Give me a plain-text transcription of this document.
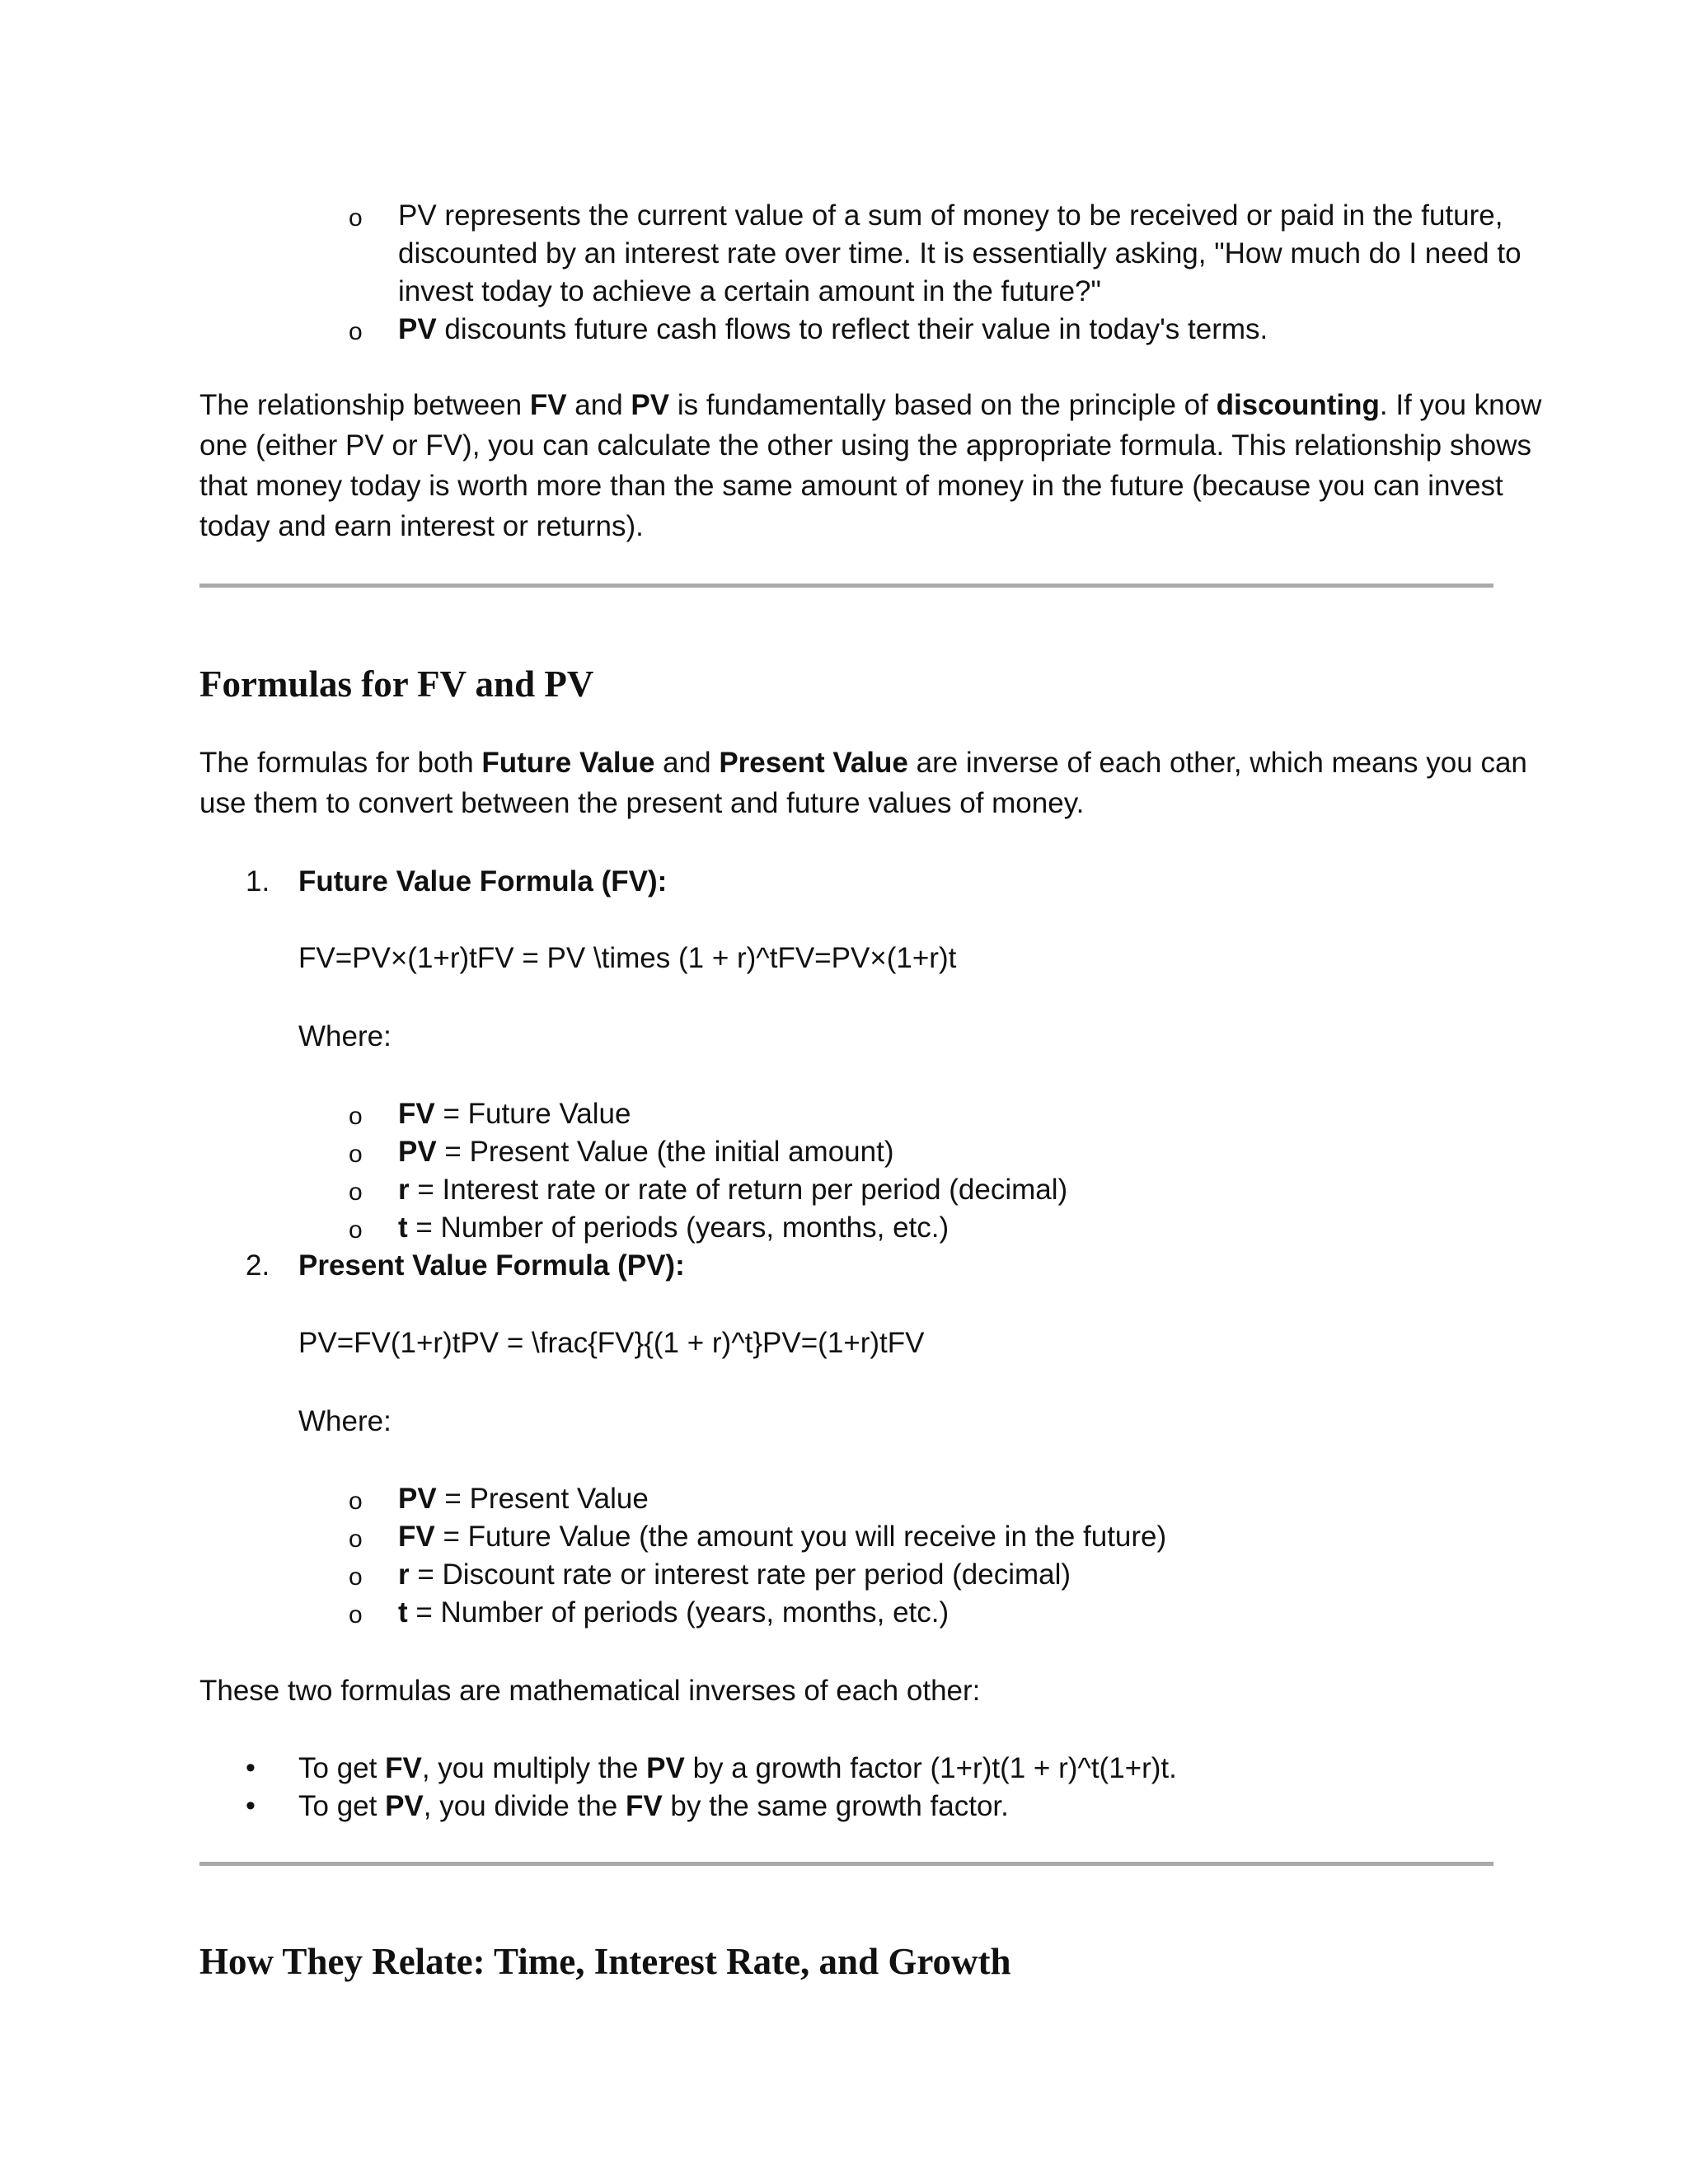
o PV represents the current value of a sum of money to be received or paid in the future,
discounted by an interest rate over time. It is essentially asking, "How much do I need to
invest today to achieve a certain amount in the future?"
o PV discounts future cash flows to reflect their value in today's terms.
The relationship between FV and PV is fundamentally based on the principle of discounting. If you know
one (either PV or FV), you can calculate the other using the appropriate formula. This relationship shows
that money today is worth more than the same amount of money in the future (because you can invest
today and earn interest or returns).
Formulas for FV and PV
The formulas for both Future Value and Present Value are inverse of each other, which means you can
use them to convert between the present and future values of money.
1. Future Value Formula (FV):
FV=PV×(1+r)tFV = PV \times (1 + r)^tFV=PV×(1+r)t
Where:
o FV = Future Value
o PV = Present Value (the initial amount)
o r = Interest rate or rate of return per period (decimal)
o t = Number of periods (years, months, etc.)
2. Present Value Formula (PV):
PV=FV(1+r)tPV = \frac{FV}{(1 + r)^t}PV=(1+r)tFV
Where:
o PV = Present Value
o FV = Future Value (the amount you will receive in the future)
o r = Discount rate or interest rate per period (decimal)
o t = Number of periods (years, months, etc.)
These two formulas are mathematical inverses of each other:
• To get FV, you multiply the PV by a growth factor (1+r)t(1 + r)^t(1+r)t.
• To get PV, you divide the FV by the same growth factor.
How They Relate: Time, Interest Rate, and Growth
